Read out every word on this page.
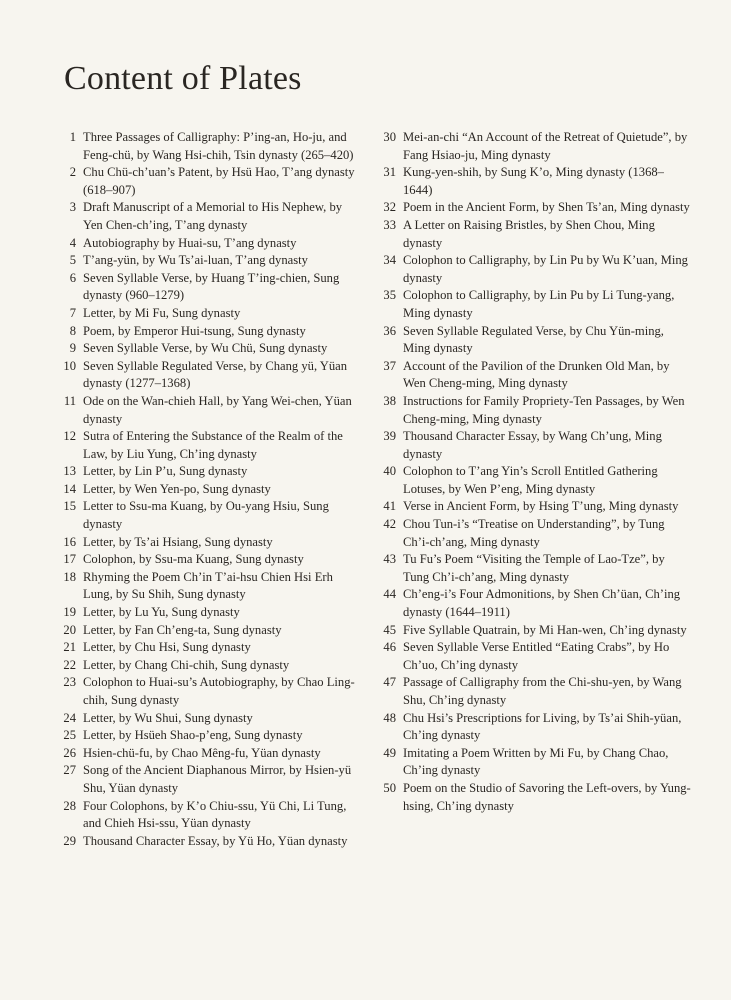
Content of Plates
1 Three Passages of Calligraphy: P’ing-an, Ho-ju, and Feng-chü, by Wang Hsi-chih, Tsin dynasty (265–420)
2 Chu Chü-ch’uan’s Patent, by Hsü Hao, T’ang dynasty (618–907)
3 Draft Manuscript of a Memorial to His Nephew, by Yen Chen-ch’ing, T’ang dynasty
4 Autobiography by Huai-su, T’ang dynasty
5 T’ang-yün, by Wu Ts’ai-luan, T’ang dynasty
6 Seven Syllable Verse, by Huang T’ing-chien, Sung dynasty (960–1279)
7 Letter, by Mi Fu, Sung dynasty
8 Poem, by Emperor Hui-tsung, Sung dynasty
9 Seven Syllable Verse, by Wu Chü, Sung dynasty
10 Seven Syllable Regulated Verse, by Chang yü, Yüan dynasty (1277–1368)
11 Ode on the Wan-chieh Hall, by Yang Wei-chen, Yüan dynasty
12 Sutra of Entering the Substance of the Realm of the Law, by Liu Yung, Ch’ing dynasty
13 Letter, by Lin P’u, Sung dynasty
14 Letter, by Wen Yen-po, Sung dynasty
15 Letter to Ssu-ma Kuang, by Ou-yang Hsiu, Sung dynasty
16 Letter, by Ts’ai Hsiang, Sung dynasty
17 Colophon, by Ssu-ma Kuang, Sung dynasty
18 Rhyming the Poem Ch’in T’ai-hsu Chien Hsi Erh Lung, by Su Shih, Sung dynasty
19 Letter, by Lu Yu, Sung dynasty
20 Letter, by Fan Ch’eng-ta, Sung dynasty
21 Letter, by Chu Hsi, Sung dynasty
22 Letter, by Chang Chi-chih, Sung dynasty
23 Colophon to Huai-su’s Autobiography, by Chao Ling-chih, Sung dynasty
24 Letter, by Wu Shui, Sung dynasty
25 Letter, by Hsüeh Shao-p’eng, Sung dynasty
26 Hsien-chü-fu, by Chao Mêng-fu, Yüan dynasty
27 Song of the Ancient Diaphanous Mirror, by Hsien-yü Shu, Yüan dynasty
28 Four Colophons, by K’o Chiu-ssu, Yü Chi, Li Tung, and Chieh Hsi-ssu, Yüan dynasty
29 Thousand Character Essay, by Yü Ho, Yüan dynasty
30 Mei-an-chi “An Account of the Retreat of Quietude”, by Fang Hsiao-ju, Ming dynasty
31 Kung-yen-shih, by Sung K’o, Ming dynasty (1368–1644)
32 Poem in the Ancient Form, by Shen Ts’an, Ming dynasty
33 A Letter on Raising Bristles, by Shen Chou, Ming dynasty
34 Colophon to Calligraphy, by Lin Pu by Wu K’uan, Ming dynasty
35 Colophon to Calligraphy, by Lin Pu by Li Tung-yang, Ming dynasty
36 Seven Syllable Regulated Verse, by Chu Yün-ming, Ming dynasty
37 Account of the Pavilion of the Drunken Old Man, by Wen Cheng-ming, Ming dynasty
38 Instructions for Family Propriety-Ten Passages, by Wen Cheng-ming, Ming dynasty
39 Thousand Character Essay, by Wang Ch’ung, Ming dynasty
40 Colophon to T’ang Yin’s Scroll Entitled Gathering Lotuses, by Wen P’eng, Ming dynasty
41 Verse in Ancient Form, by Hsing T’ung, Ming dynasty
42 Chou Tun-i’s “Treatise on Understanding”, by Tung Ch’i-ch’ang, Ming dynasty
43 Tu Fu’s Poem “Visiting the Temple of Lao-Tze”, by Tung Ch’i-ch’ang, Ming dynasty
44 Ch’eng-i’s Four Admonitions, by Shen Ch’üan, Ch’ing dynasty (1644–1911)
45 Five Syllable Quatrain, by Mi Han-wen, Ch’ing dynasty
46 Seven Syllable Verse Entitled “Eating Crabs”, by Ho Ch’uo, Ch’ing dynasty
47 Passage of Calligraphy from the Chi-shu-yen, by Wang Shu, Ch’ing dynasty
48 Chu Hsi’s Prescriptions for Living, by Ts’ai Shih-yüan, Ch’ing dynasty
49 Imitating a Poem Written by Mi Fu, by Chang Chao, Ch’ing dynasty
50 Poem on the Studio of Savoring the Left-overs, by Yung-hsing, Ch’ing dynasty
